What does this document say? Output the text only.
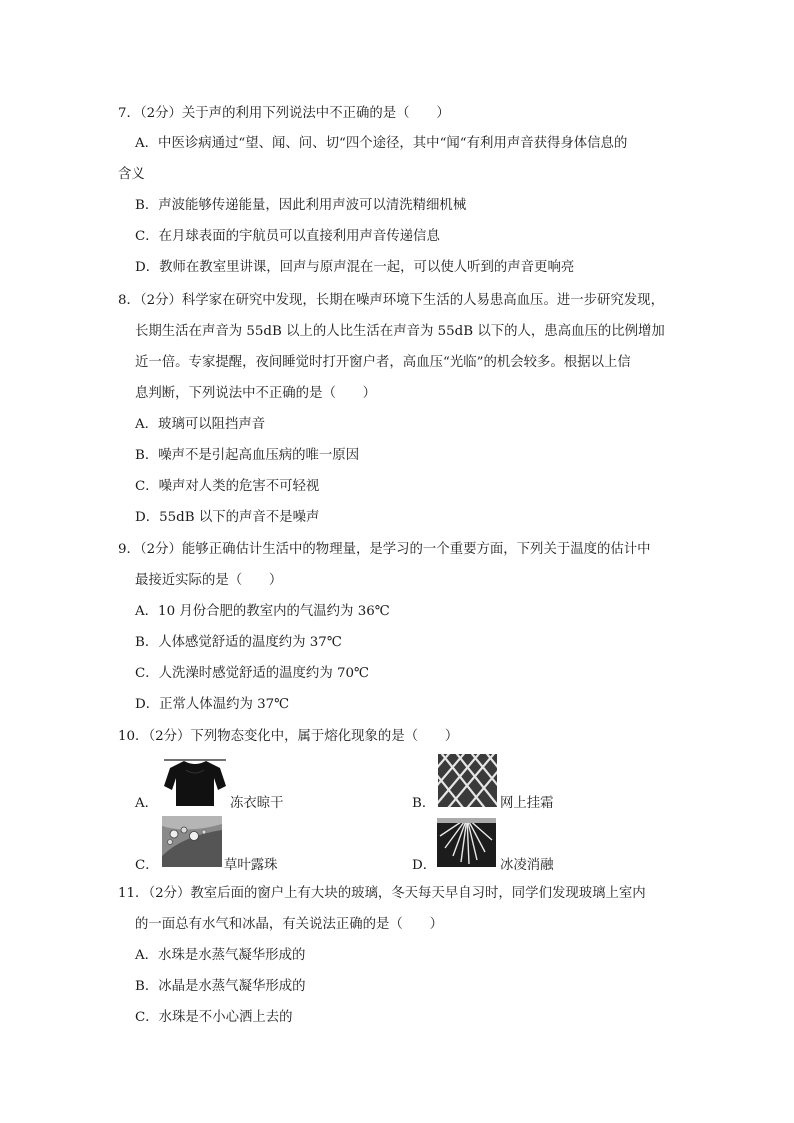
7．（2分）关于声的利用下列说法中不正确的是（　　）
A．中医诊病通过“望、闻、问、切“四个途径，其中“闻“有利用声音获得身体信息的
含义
B．声波能够传递能量，因此利用声波可以清洗精细机械
C．在月球表面的宇航员可以直接利用声音传递信息
D．教师在教室里讲课，回声与原声混在一起，可以使人听到的声音更响亮
8．（2分）科学家在研究中发现，长期在噪声环境下生活的人易患高血压。进一步研究发现，
长期生活在声音为 55dB 以上的人比生活在声音为 55dB 以下的人，患高血压的比例增加
近一倍。专家提醒，夜间睡觉时打开窗户者，高血压“光临”的机会较多。根据以上信
息判断，下列说法中不正确的是（　　）
A．玻璃可以阻挡声音
B．噪声不是引起高血压病的唯一原因
C．噪声对人类的危害不可轻视
D．55dB 以下的声音不是噪声
9．（2分）能够正确估计生活中的物理量，是学习的一个重要方面，下列关于温度的估计中
最接近实际的是（　　）
A．10 月份合肥的教室内的气温约为 36℃
B．人体感觉舒适的温度约为 37℃
C．人洗澡时感觉舒适的温度约为 70℃
D．正常人体温约为 37℃
10．（2分）下列物态变化中，属于熔化现象的是（　　）
A．	冻衣晾干	B．	网上挂霜
C．	草叶露珠	D．	冰凌消融
11．（2分）教室后面的窗户上有大块的玻璃，冬天每天早自习时，同学们发现玻璃上室内
的一面总有水气和冰晶，有关说法正确的是（　　）
A．水珠是水蒸气凝华形成的
B．冰晶是水蒸气凝华形成的
C．水珠是不小心洒上去的
